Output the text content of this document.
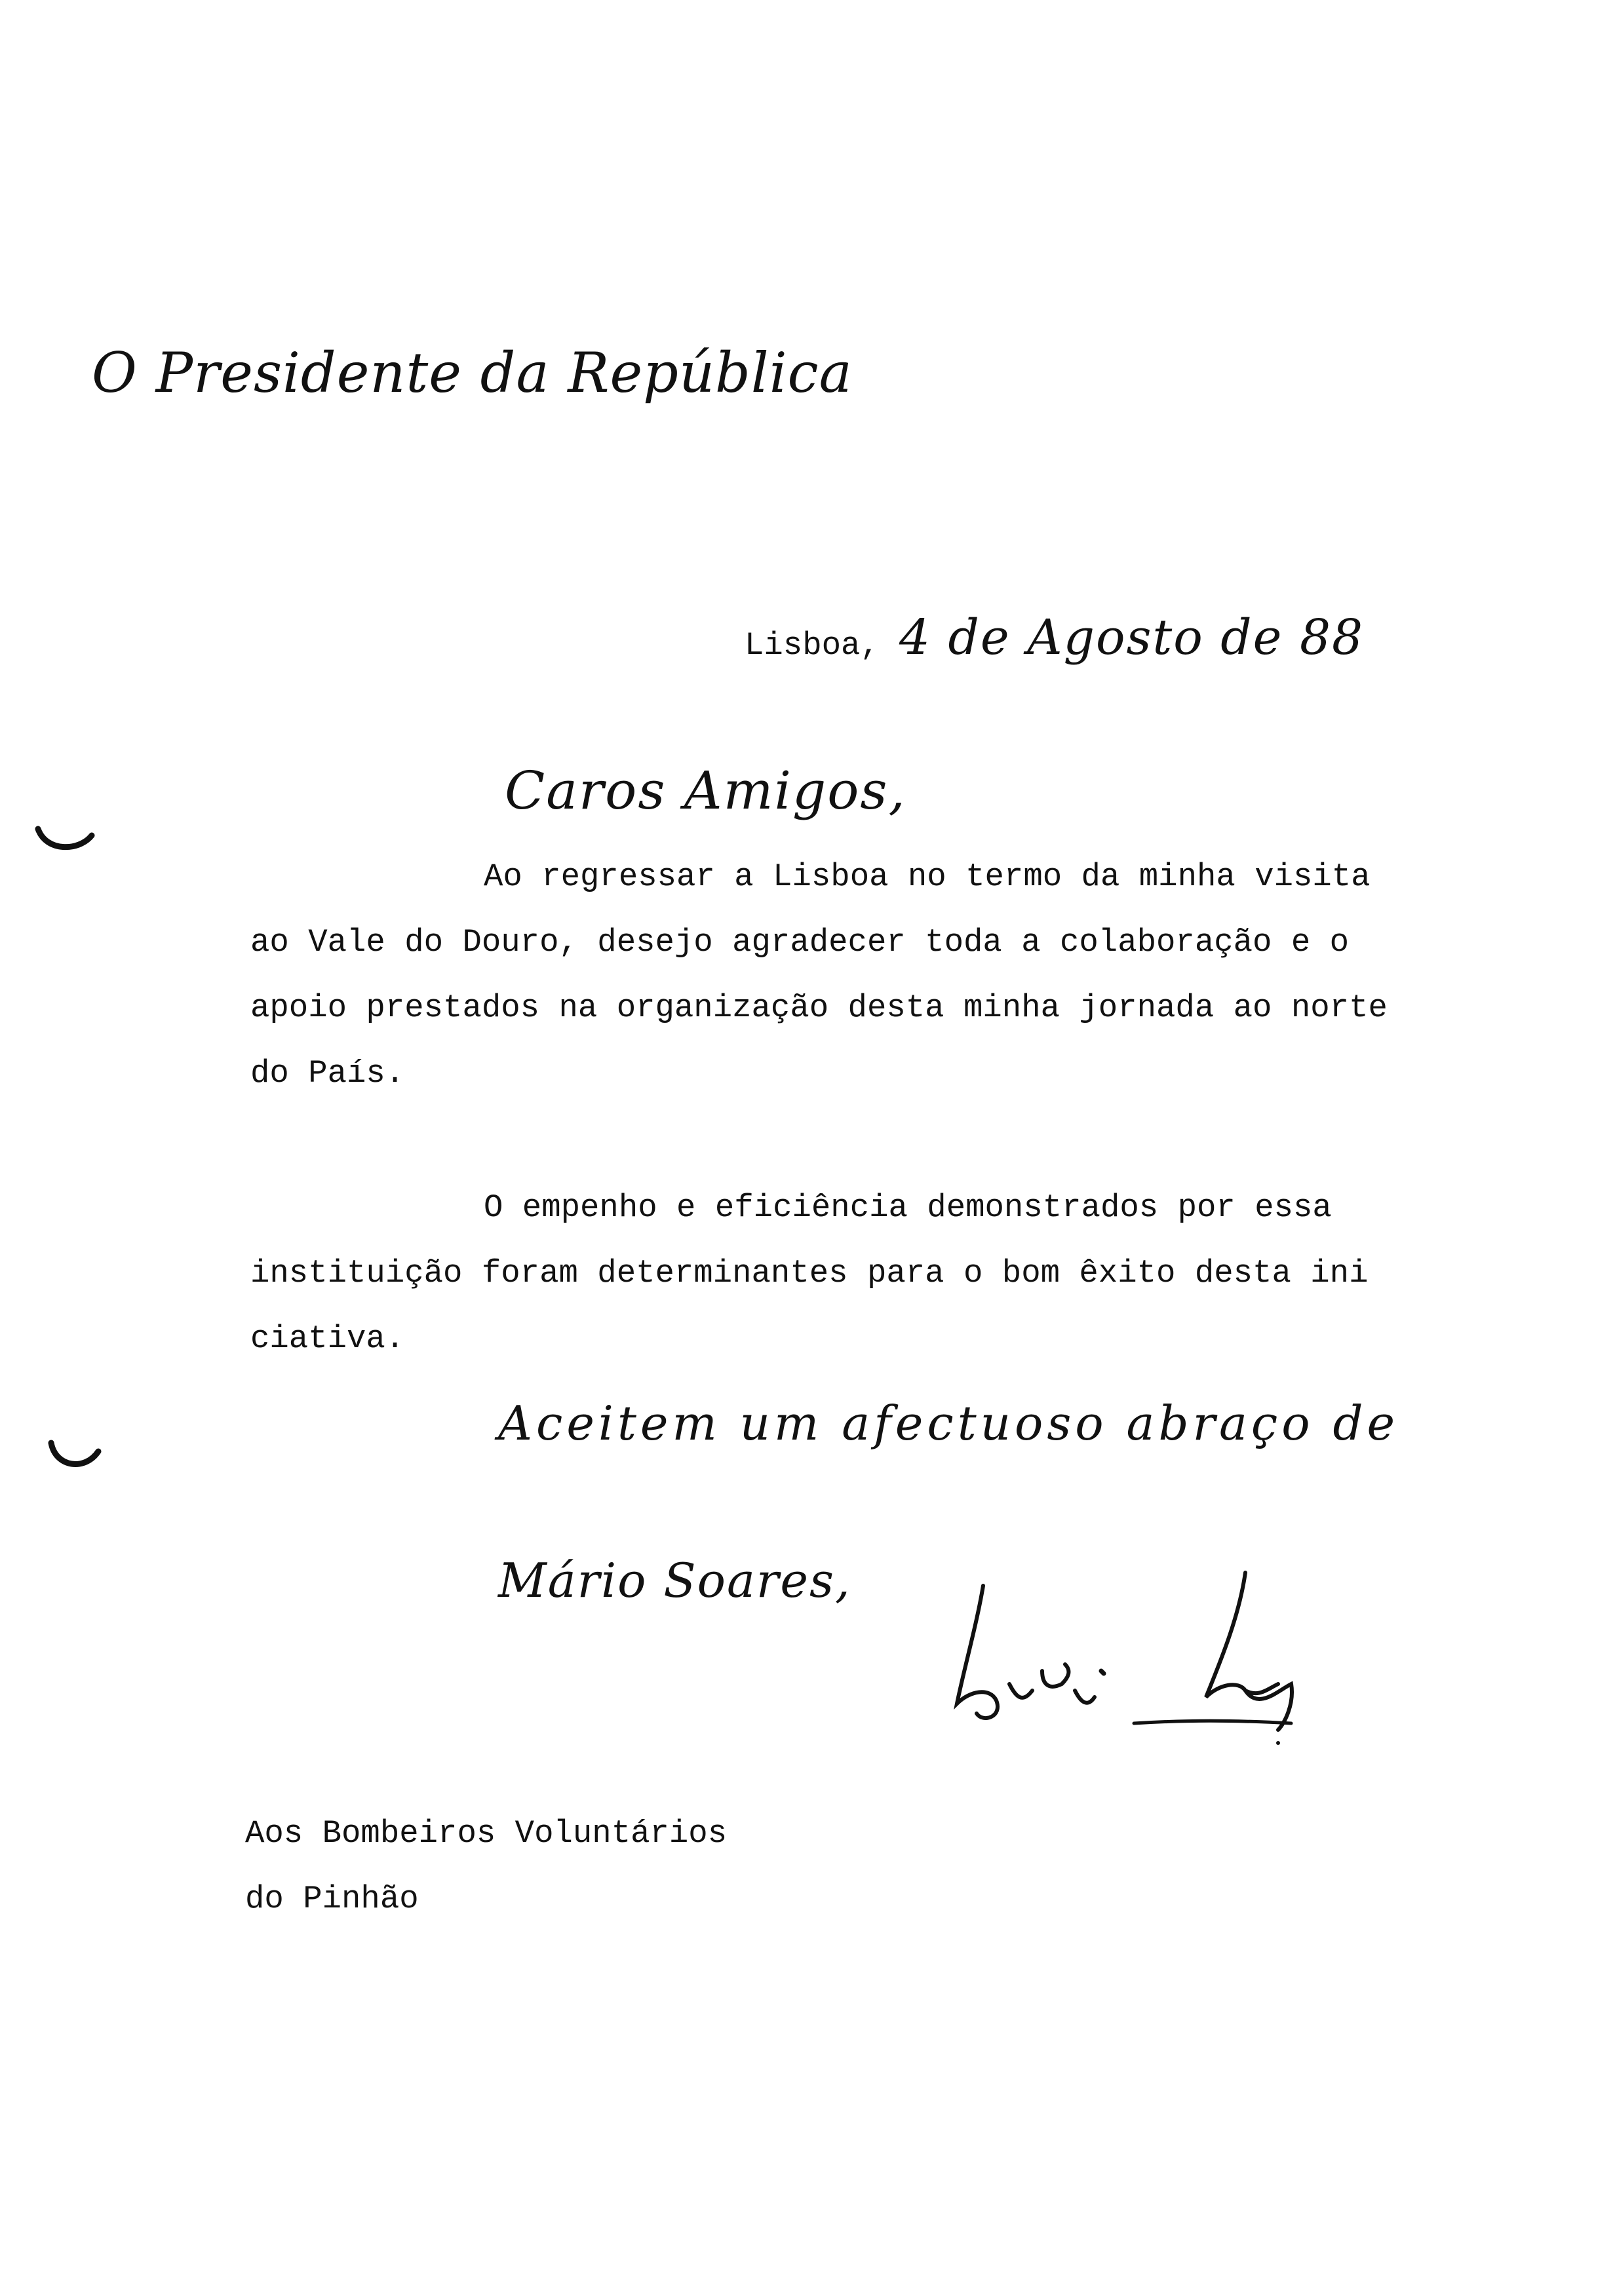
O Presidente da República
Lisboa, 4 de Agosto de 88
Caros Amigos,
Ao regressar a Lisboa no termo da minha visita
ao Vale do Douro, desejo agradecer toda a colaboração e o
apoio prestados na organização desta minha jornada ao norte
do País.
O empenho e eficiência demonstrados por essa
instituição foram determinantes para o bom êxito desta ini
ciativa.
Aceitem um afectuoso abraço de
Mário Soares,
Aos Bombeiros Voluntários
do Pinhão
